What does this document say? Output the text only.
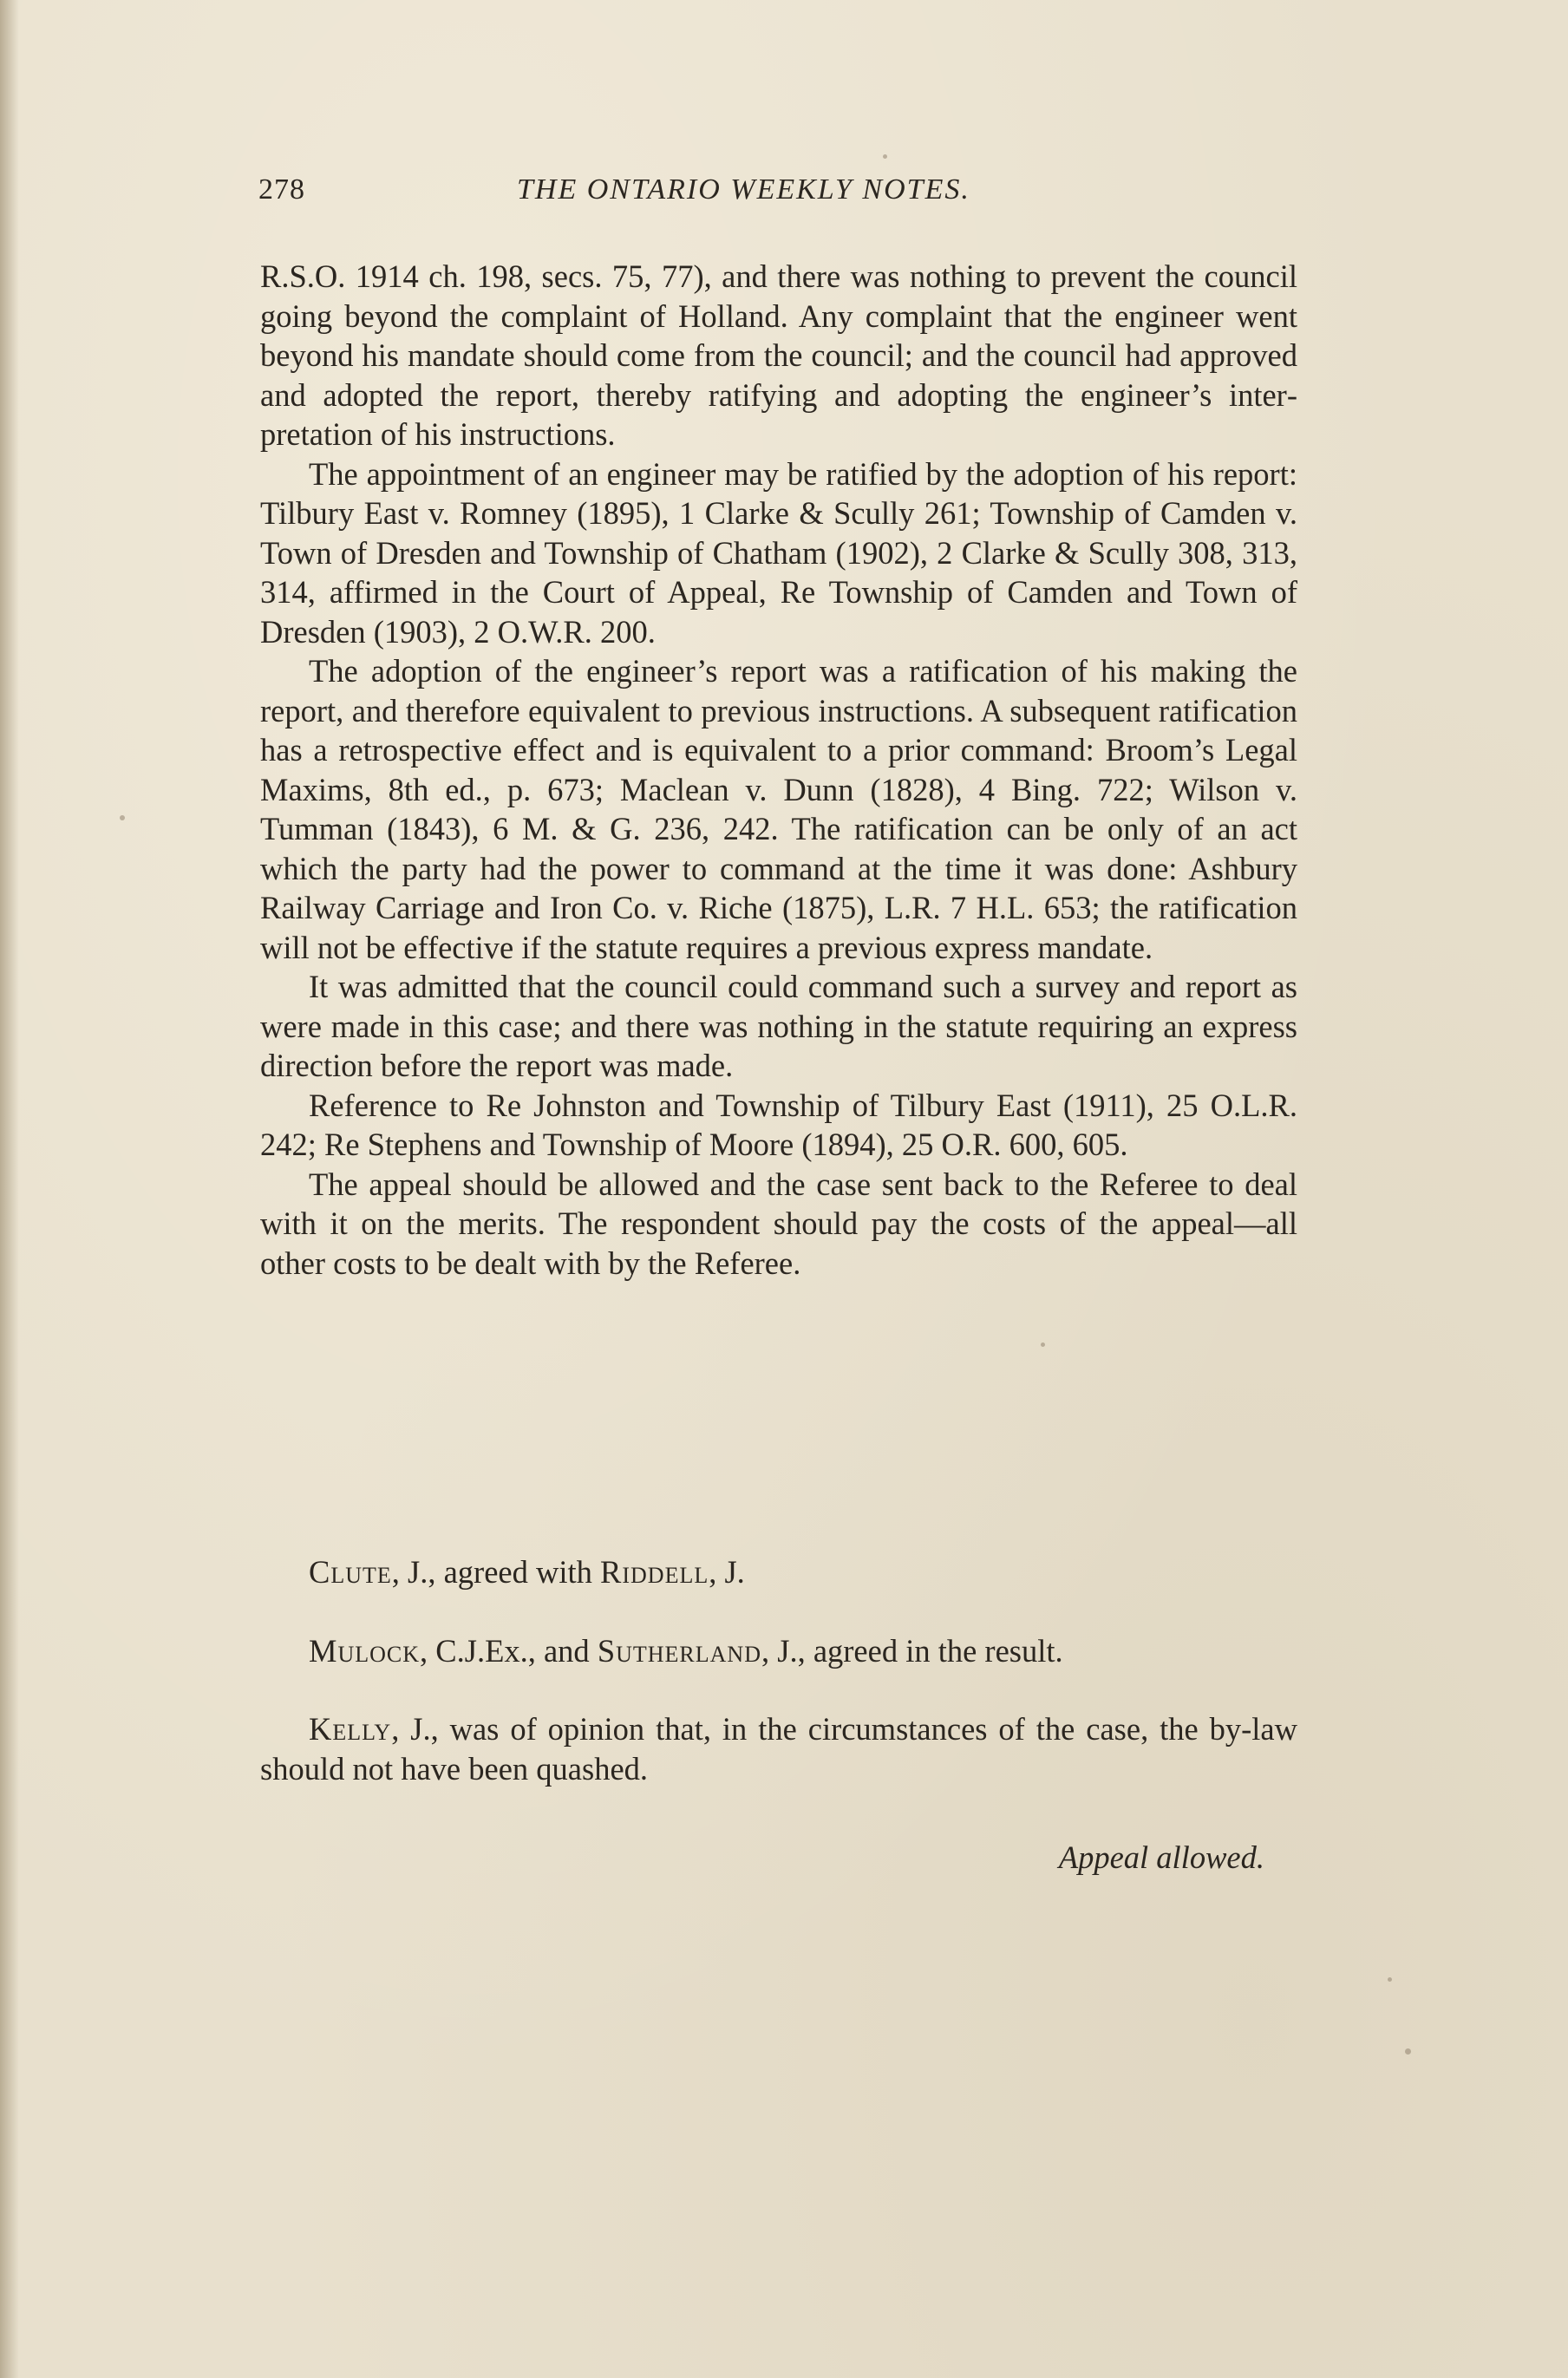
278	THE ONTARIO WEEKLY NOTES.

R.S.O. 1914 ch. 198, secs. 75, 77), and there was nothing to prevent the council going beyond the complaint of Holland. Any complaint that the engineer went beyond his mandate should come from the council; and the council had approved and adopted the report, thereby ratifying and adopting the engineer’s interpretation of his instructions.

The appointment of an engineer may be ratified by the adoption of his report: Tilbury East v. Romney (1895), 1 Clarke & Scully 261; Township of Camden v. Town of Dresden and Township of Chatham (1902), 2 Clarke & Scully 308, 313, 314, affirmed in the Court of Appeal, Re Township of Camden and Town of Dresden (1903), 2 O.W.R. 200.

The adoption of the engineer’s report was a ratification of his making the report, and therefore equivalent to previous instructions. A subsequent ratification has a retrospective effect and is equivalent to a prior command: Broom’s Legal Maxims, 8th ed., p. 673; Maclean v. Dunn (1828), 4 Bing. 722; Wilson v. Tumman (1843), 6 M. & G. 236, 242. The ratification can be only of an act which the party had the power to command at the time it was done: Ashbury Railway Carriage and Iron Co. v. Riche (1875), L.R. 7 H.L. 653; the ratification will not be effective if the statute requires a previous express mandate.

It was admitted that the council could command such a survey and report as were made in this case; and there was nothing in the statute requiring an express direction before the report was made.

Reference to Re Johnston and Township of Tilbury East (1911), 25 O.L.R. 242; Re Stephens and Township of Moore (1894), 25 O.R. 600, 605.

The appeal should be allowed and the case sent back to the Referee to deal with it on the merits. The respondent should pay the costs of the appeal—all other costs to be dealt with by the Referee.

Clute, J., agreed with Riddell, J.

Mulock, C.J.Ex., and Sutherland, J., agreed in the result.

Kelly, J., was of opinion that, in the circumstances of the case, the by-law should not have been quashed.

Appeal allowed.
